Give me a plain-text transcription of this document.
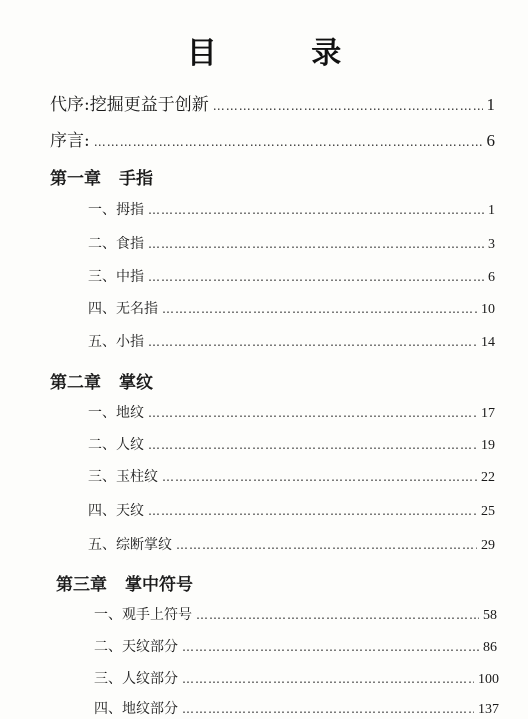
目 录
代序:挖掘更益于创新 ……………………………………………………………………………………………………………………………………	1
序言: ……………………………………………………………………………………………………………………………………	6
第一章 手指
一、拇指 ……………………………………………………………………………………………………………………………………	1
二、食指 ……………………………………………………………………………………………………………………………………	3
三、中指 ……………………………………………………………………………………………………………………………………	6
四、无名指 ……………………………………………………………………………………………………………………………………	10
五、小指 ……………………………………………………………………………………………………………………………………	14
第二章 掌纹
一、地纹 ……………………………………………………………………………………………………………………………………	17
二、人纹 ……………………………………………………………………………………………………………………………………	19
三、玉柱纹 ……………………………………………………………………………………………………………………………………	22
四、天纹 ……………………………………………………………………………………………………………………………………	25
五、综断掌纹 ……………………………………………………………………………………………………………………………………	29
第三章 掌中符号
一、观手上符号 ……………………………………………………………………………………………………………………………………	58
二、天纹部分 ……………………………………………………………………………………………………………………………………	86
三、人纹部分 ……………………………………………………………………………………………………………………………………	100
四、地纹部分 ……………………………………………………………………………………………………………………………………	137
